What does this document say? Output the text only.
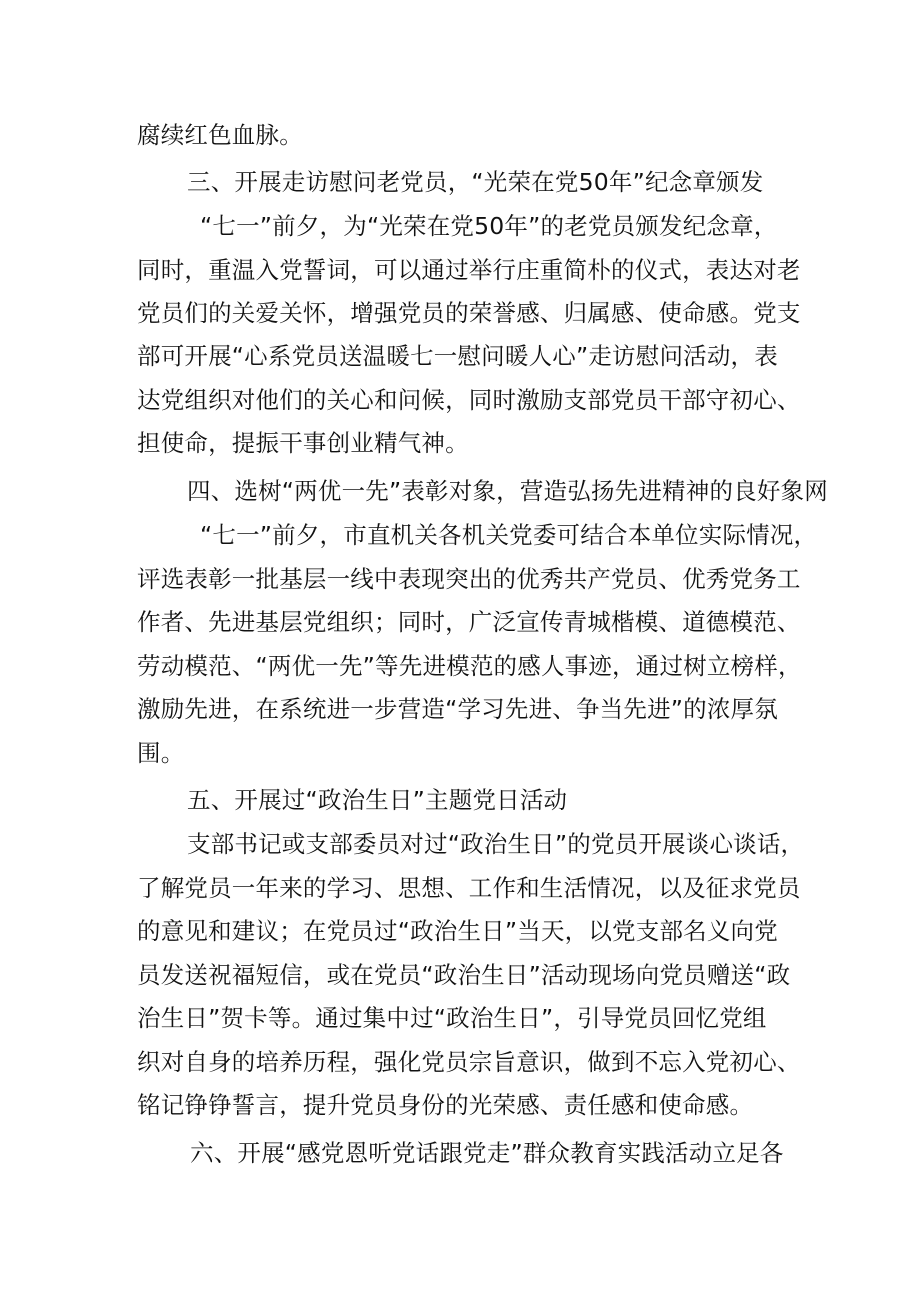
腐续红色血脉。
三、开展走访慰问老党员，“光荣在党50年”纪念章颁发
“七一”前夕，为“光荣在党50年”的老党员颁发纪念章，
同时，重温入党誓词，可以通过举行庄重简朴的仪式，表达对老
党员们的关爱关怀，增强党员的荣誉感、归属感、使命感。党支
部可开展“心系党员送温暖七一慰问暖人心”走访慰问活动，表
达党组织对他们的关心和问候，同时激励支部党员干部守初心、
担使命，提振干事创业精气神。
四、选树“两优一先”表彰对象，营造弘扬先进精神的良好象网
“七一”前夕，市直机关各机关党委可结合本单位实际情况，
评选表彰一批基层一线中表现突出的优秀共产党员、优秀党务工
作者、先进基层党组织；同时，广泛宣传青城楷模、道德模范、
劳动模范、“两优一先”等先进模范的感人事迹，通过树立榜样，
激励先进，在系统进一步营造“学习先进、争当先进”的浓厚氛
围。
五、开展过“政治生日”主题党日活动
支部书记或支部委员对过“政治生日”的党员开展谈心谈话，
了解党员一年来的学习、思想、工作和生活情况，以及征求党员
的意见和建议；在党员过“政治生日”当天，以党支部名义向党
员发送祝福短信，或在党员“政治生日”活动现场向党员赠送“政
治生日”贺卡等。通过集中过“政治生日”，引导党员回忆党组
织对自身的培养历程，强化党员宗旨意识，做到不忘入党初心、
铭记铮铮誓言，提升党员身份的光荣感、责任感和使命感。
六、开展“感党恩听党话跟党走”群众教育实践活动立足各
